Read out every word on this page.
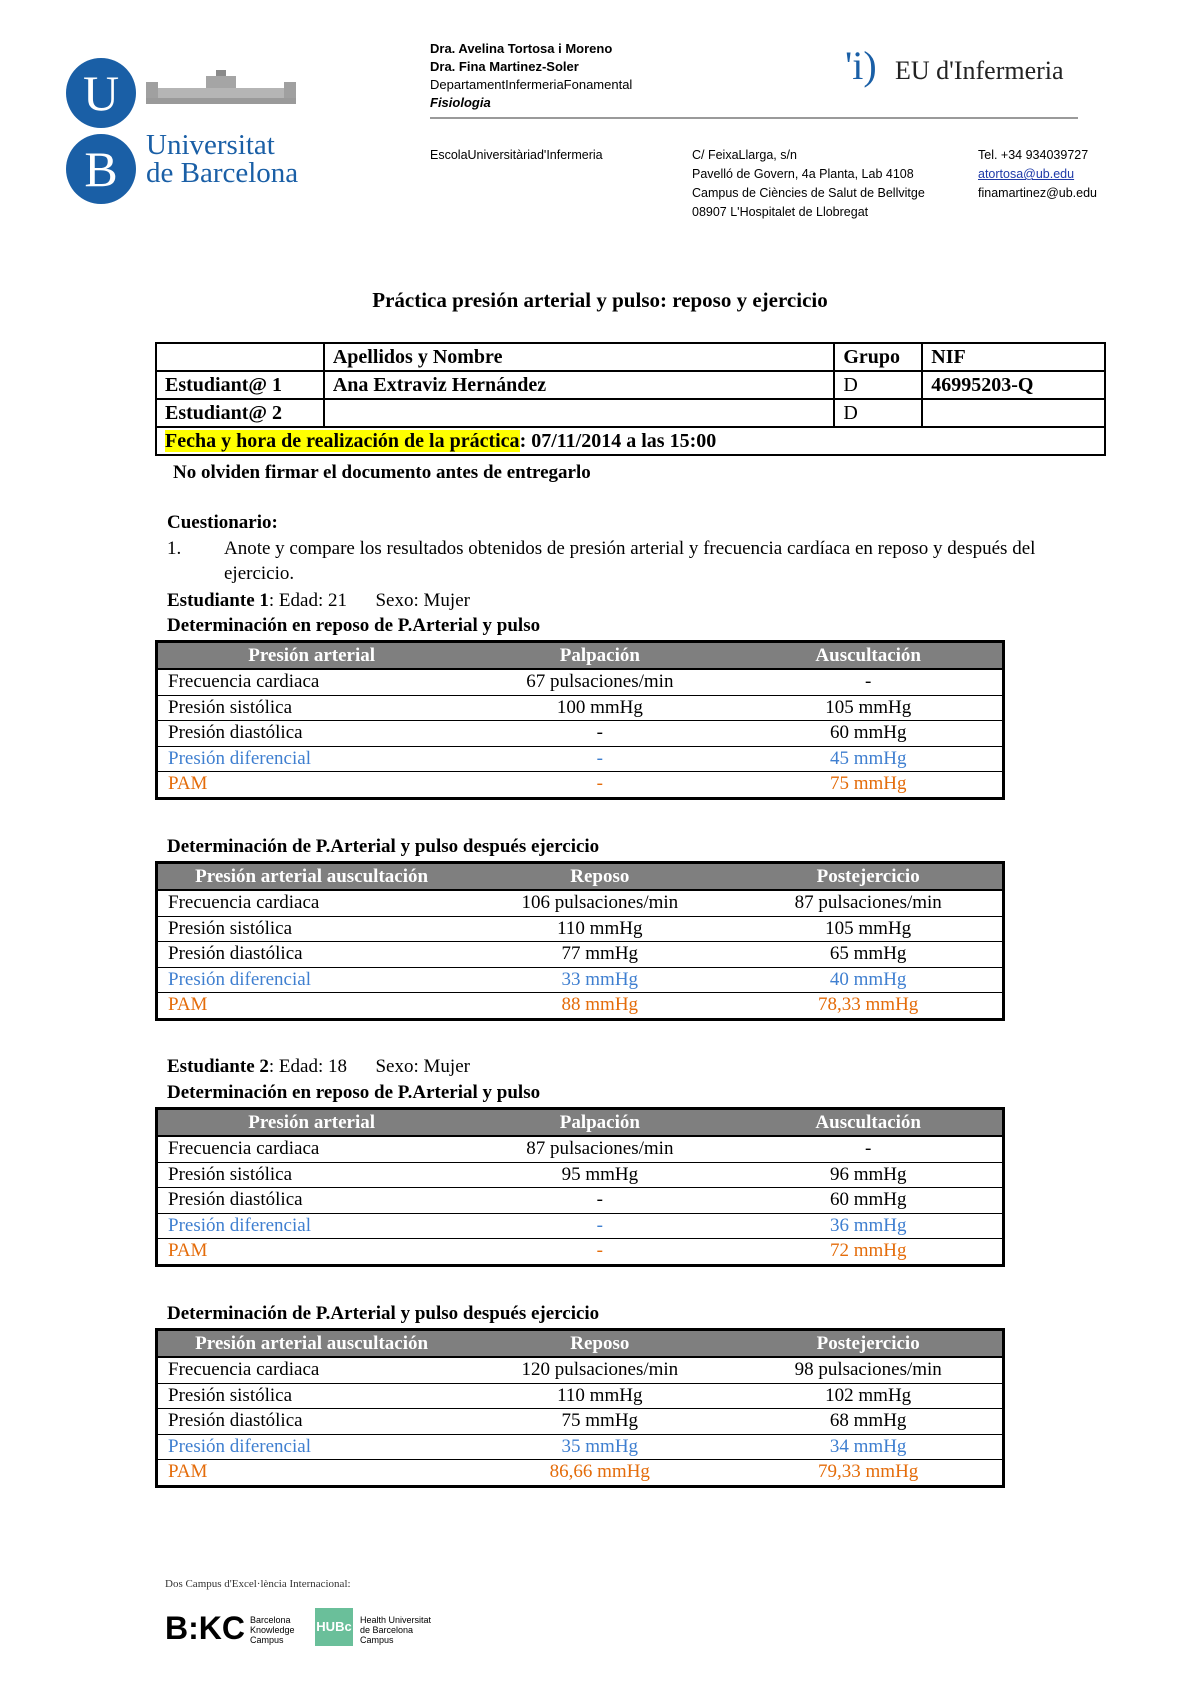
U
B Universitat
de Barcelona
Dra. Avelina Tortosa i Moreno
Dra. Fina Martinez-Soler
DepartamentInfermeriaFonamental
Fisiologia
'i) EU d'Infermeria
EscolaUniversitàriad'Infermeria	C/ FeixaLlarga, s/n
Pavelló de Govern, 4a Planta, Lab 4108
Campus de Ciències de Salut de Bellvitge
08907 L'Hospitalet de Llobregat
Tel. +34 934039727
atortosa@ub.edu
finamartinez@ub.edu
Práctica presión arterial y pulso: reposo y ejercicio
	Apellidos y Nombre	Grupo	NIF
Estudiant@ 1	Ana Extraviz Hernández	D	46995203-Q
Estudiant@ 2		D	
Fecha y hora de realización de la práctica: 07/11/2014 a las 15:00			
No olviden firmar el documento antes de entregarlo
Cuestionario:
1. Anote y compare los resultados obtenidos de presión arterial y frecuencia cardíaca en reposo y después del ejercicio.
Estudiante 1: Edad: 21      Sexo: Mujer
Determinación en reposo de P.Arterial y pulso
Presión arterial	Palpación	Auscultación
Frecuencia cardiaca	67 pulsaciones/min	-
Presión sistólica	100 mmHg	105 mmHg
Presión diastólica	-	60 mmHg
Presión diferencial	-	45 mmHg
PAM	-	75 mmHg
Determinación de P.Arterial y pulso después ejercicio
Presión arterial auscultación	Reposo	Postejercicio
Frecuencia cardiaca	106 pulsaciones/min	87 pulsaciones/min
Presión sistólica	110 mmHg	105 mmHg
Presión diastólica	77 mmHg	65 mmHg
Presión diferencial	33 mmHg	40 mmHg
PAM	88 mmHg	78,33 mmHg
Estudiante 2: Edad: 18      Sexo: Mujer
Determinación en reposo de P.Arterial y pulso
Presión arterial	Palpación	Auscultación
Frecuencia cardiaca	87 pulsaciones/min	-
Presión sistólica	95 mmHg	96 mmHg
Presión diastólica	-	60 mmHg
Presión diferencial	-	36 mmHg
PAM	-	72 mmHg
Determinación de P.Arterial y pulso después ejercicio
Presión arterial auscultación	Reposo	Postejercicio
Frecuencia cardiaca	120 pulsaciones/min	98 pulsaciones/min
Presión sistólica	110 mmHg	102 mmHg
Presión diastólica	75 mmHg	68 mmHg
Presión diferencial	35 mmHg	34 mmHg
PAM	86,66 mmHg	79,33 mmHg
Dos Campus d'Excel·lència Internacional:
B:KC Barcelona
Knowledge
Campus
HUBc Health Universitat
de Barcelona
Campus
